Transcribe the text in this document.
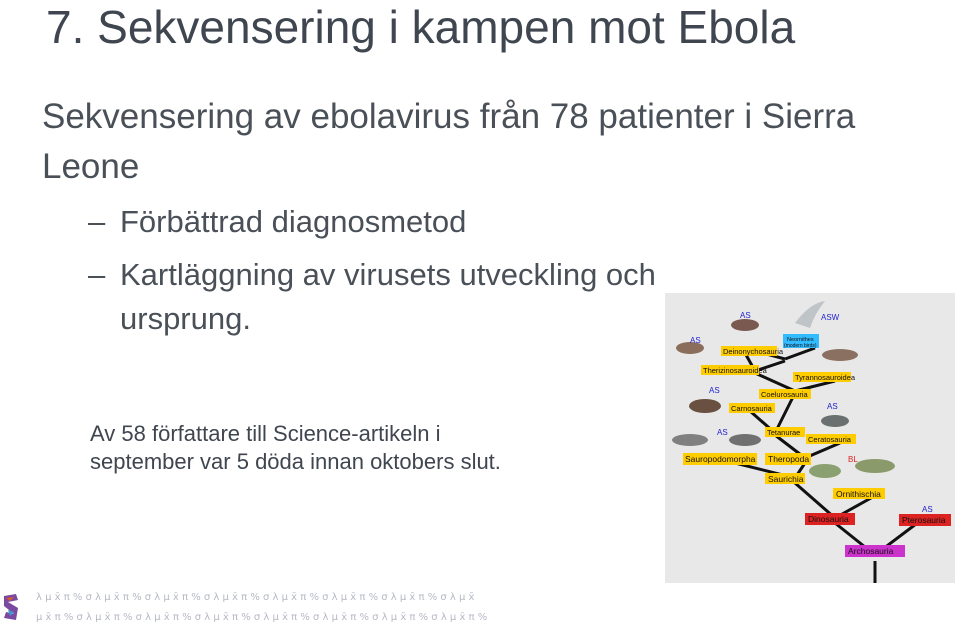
7. Sekvensering i kampen mot Ebola
Sekvensering av ebolavirus från 78 patienter i Sierra Leone
– Förbättrad diagnosmetod
– Kartläggning av virusets utveckling och
ursprung.
Av 58 författare till Science-artikeln i
september var 5 döda innan oktobers slut.
AS
AS	ASW
AS
AS
AS
BL
AS
Deinonychosauria
Neornithes
(modern birds)
Therizinosauroidea
Tyrannosauroidea
Coelurosauria
Carnosauria
Tetanurae
Ceratosauria
Sauropodomorpha Theropoda
Saurichia
Ornithischia
Dinosauria	Pterosauria
Archosauria
λ μ x̄ π % σ λ μ x̄ π % σ λ μ x̄ π % σ λ μ x̄ π % σ λ μ x̄ π % σ λ μ x̄ π % σ λ μ x̄ π % σ λ μ x̄
μ x̄ π % σ λ μ x̄ π % σ λ μ x̄ π % σ λ μ x̄ π % σ λ μ x̄ π % σ λ μ x̄ π % σ λ μ x̄ π % σ λ μ x̄ π %
